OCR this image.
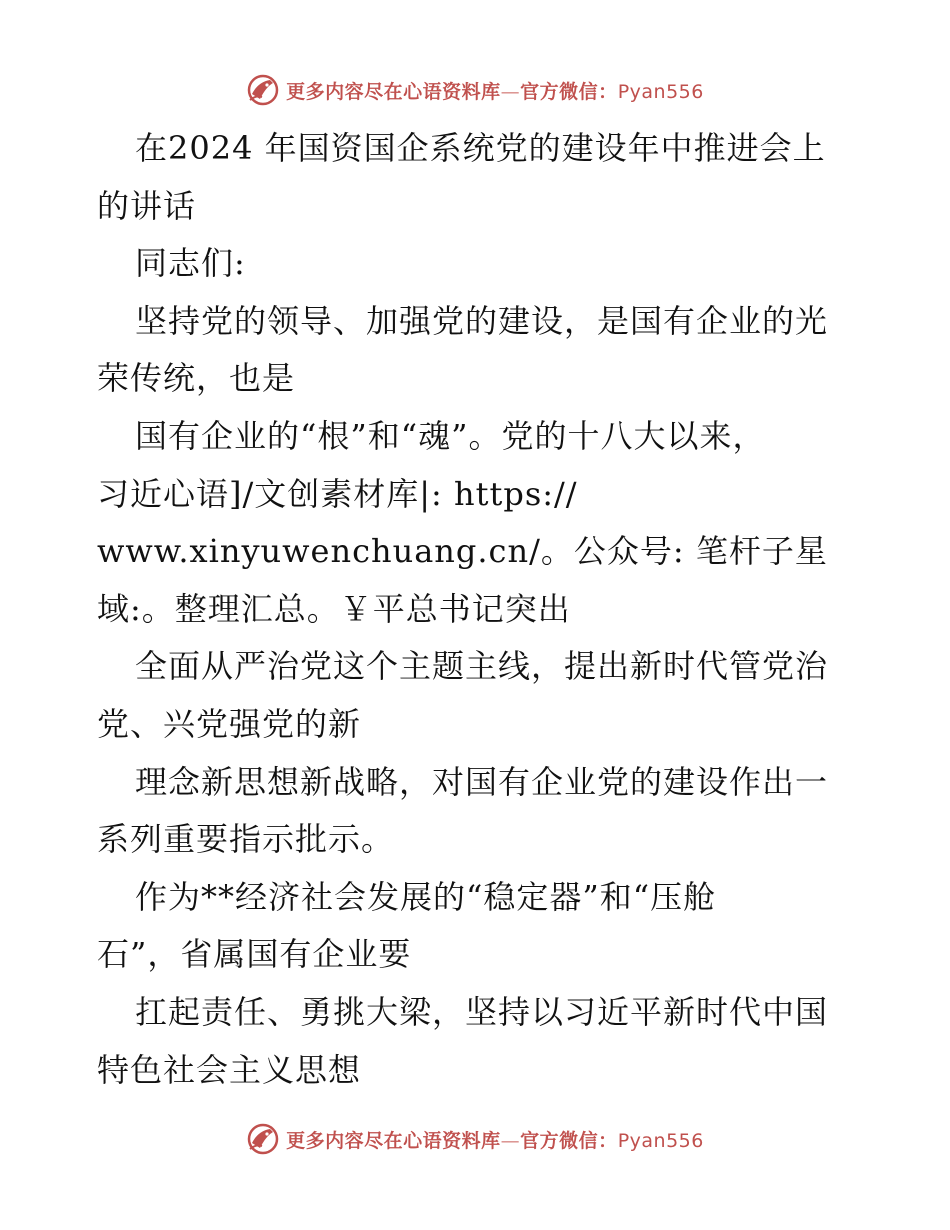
更多内容尽在心语资料库—官方微信：Pyan556
在2024 年国资国企系统党的建设年中推进会上
的讲话
同志们:
坚持党的领导、加强党的建设，是国有企业的光
荣传统，也是
国有企业的“根”和“魂”。党的十八大以来，
习近心语]/文创素材库|: https://
www.xinyuwenchuang.cn/。公众号: 笔杆子星
域:。整理汇总。￥平总书记突出
全面从严治党这个主题主线，提出新时代管党治
党、兴党强党的新
理念新思想新战略，对国有企业党的建设作出一
系列重要指示批示。
作为**经济社会发展的“稳定器”和“压舱
石”，省属国有企业要
扛起责任、勇挑大梁，坚持以习近平新时代中国
特色社会主义思想
更多内容尽在心语资料库—官方微信：Pyan556
